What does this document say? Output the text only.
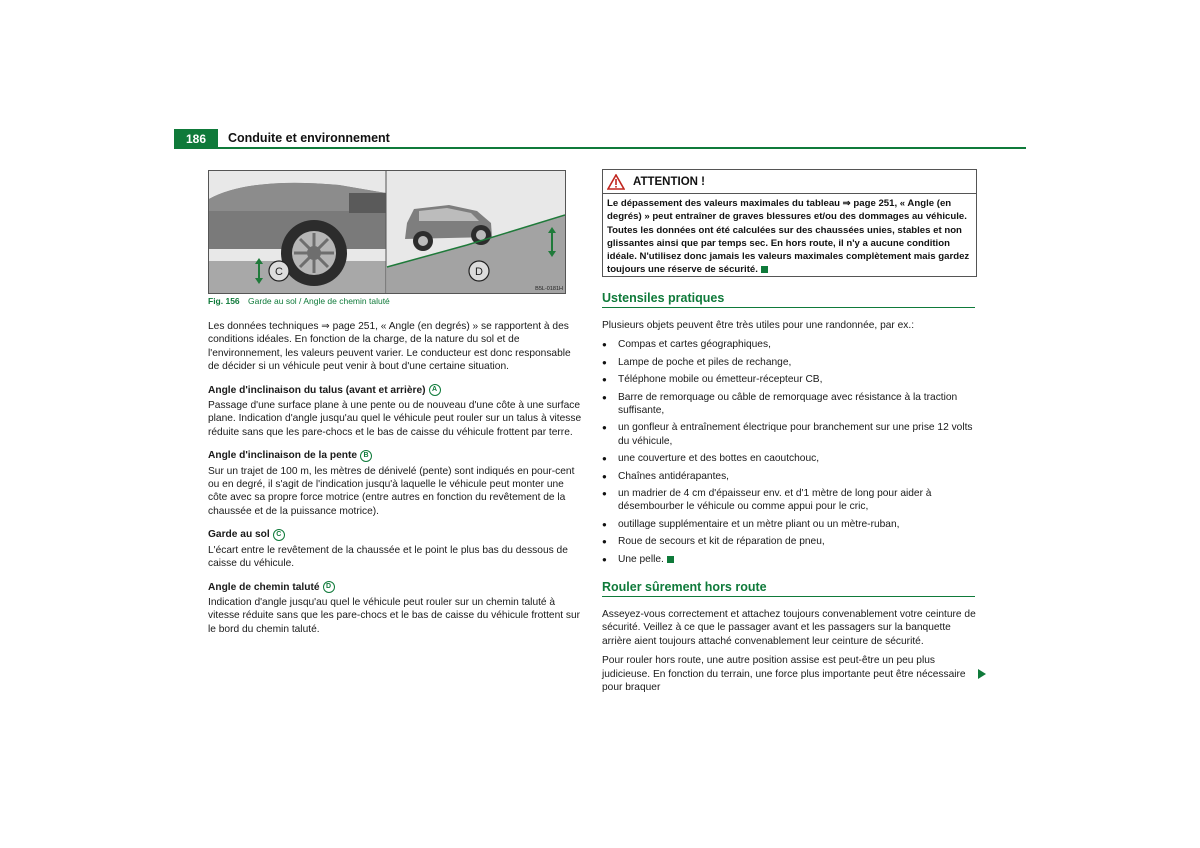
186	Conduite et environnement
C	D
B5L-0181H
Fig. 156 Garde au sol / Angle de chemin taluté

Les données techniques ⇒ page 251, « Angle (en degrés) » se rapportent à des conditions idéales. En fonction de la charge, de la nature du sol et de l'environnement, les valeurs peuvent varier. Le conducteur est donc responsable de décider si un véhicule peut venir à bout d'une certaine situation.

Angle d'inclinaison du talus (avant et arrière) A

Passage d'une surface plane à une pente ou de nouveau d'une côte à une surface plane. Indication d'angle jusqu'au quel le véhicule peut rouler sur un talus à vitesse réduite sans que les pare-chocs et le bas de caisse du véhicule frottent par terre.

Angle d'inclinaison de la pente B

Sur un trajet de 100 m, les mètres de dénivelé (pente) sont indiqués en pour-cent ou en degré, il s'agit de l'indication jusqu'à laquelle le véhicule peut monter une côte avec sa propre force motrice (entre autres en fonction du revêtement de la chaussée et de la puissance motrice).

Garde au sol C

L'écart entre le revêtement de la chaussée et le point le plus bas du dessous de caisse du véhicule.

Angle de chemin taluté D

Indication d'angle jusqu'au quel le véhicule peut rouler sur un chemin taluté à vitesse réduite sans que les pare-chocs et le bas de caisse du véhicule frottent sur le bord du chemin taluté.

ATTENTION !
Le dépassement des valeurs maximales du tableau ⇒ page 251, « Angle (en degrés) » peut entraîner de graves blessures et/ou des dommages au véhicule. Toutes les données ont été calculées sur des chaussées unies, stables et non glissantes ainsi que par temps sec. En hors route, il n'y a aucune condition idéale. N'utilisez donc jamais les valeurs maximales complètement mais gardez toujours une réserve de sécurité.
Ustensiles pratiques

Plusieurs objets peuvent être très utiles pour une randonnée, par ex.:

● Compas et cartes géographiques,
● Lampe de poche et piles de rechange,
● Téléphone mobile ou émetteur-récepteur CB,
● Barre de remorquage ou câble de remorquage avec résistance à la traction suffisante,
● un gonfleur à entraînement électrique pour branchement sur une prise 12 volts du véhicule,
● une couverture et des bottes en caoutchouc,
● Chaînes antidérapantes,
● un madrier de 4 cm d'épaisseur env. et d'1 mètre de long pour aider à désembourber le véhicule ou comme appui pour le cric,
● outillage supplémentaire et un mètre pliant ou un mètre-ruban,
● Roue de secours et kit de réparation de pneu,
● Une pelle.
Rouler sûrement hors route

Asseyez-vous correctement et attachez toujours convenablement votre ceinture de sécurité. Veillez à ce que le passager avant et les passagers sur la banquette arrière aient toujours attaché convenablement leur ceinture de sécurité.

Pour rouler hors route, une autre position assise est peut-être un peu plus judicieuse. En fonction du terrain, une force plus importante peut être nécessaire pour braquer
